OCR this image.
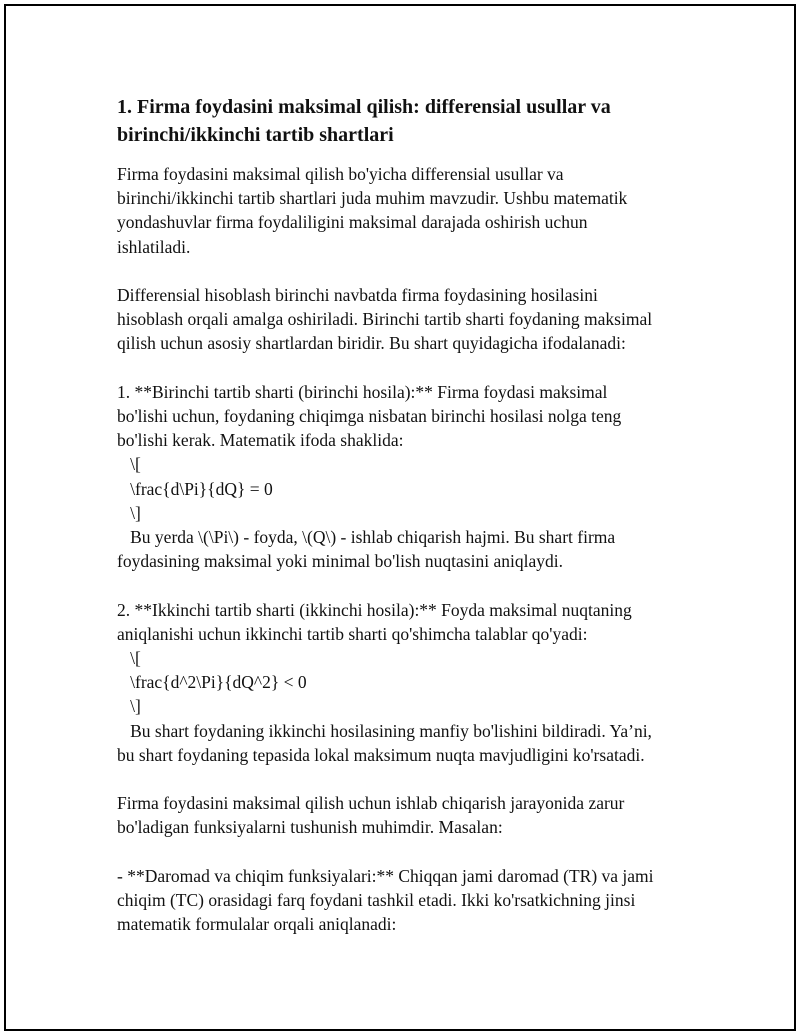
1. Firma foydasini maksimal qilish: differensial usullar va
birinchi/ikkinchi tartib shartlari
Firma foydasini maksimal qilish bo'yicha differensial usullar va
birinchi/ikkinchi tartib shartlari juda muhim mavzudir. Ushbu matematik
yondashuvlar firma foydaliligini maksimal darajada oshirish uchun
ishlatiladi.
Differensial hisoblash birinchi navbatda firma foydasining hosilasini
hisoblash orqali amalga oshiriladi. Birinchi tartib sharti foydaning maksimal
qilish uchun asosiy shartlardan biridir. Bu shart quyidagicha ifodalanadi:
1. **Birinchi tartib sharti (birinchi hosila):** Firma foydasi maksimal
bo'lishi uchun, foydaning chiqimga nisbatan birinchi hosilasi nolga teng
bo'lishi kerak. Matematik ifoda shaklida:
\[
\frac{d\Pi}{dQ} = 0
\]
Bu yerda \(\Pi\) - foyda, \(Q\) - ishlab chiqarish hajmi. Bu shart firma
foydasining maksimal yoki minimal bo'lish nuqtasini aniqlaydi.
2. **Ikkinchi tartib sharti (ikkinchi hosila):** Foyda maksimal nuqtaning
aniqlanishi uchun ikkinchi tartib sharti qo'shimcha talablar qo'yadi:
\[
\frac{d^2\Pi}{dQ^2} < 0
\]
Bu shart foydaning ikkinchi hosilasining manfiy bo'lishini bildiradi. Ya’ni,
bu shart foydaning tepasida lokal maksimum nuqta mavjudligini ko'rsatadi.
Firma foydasini maksimal qilish uchun ishlab chiqarish jarayonida zarur
bo'ladigan funksiyalarni tushunish muhimdir. Masalan:
- **Daromad va chiqim funksiyalari:** Chiqqan jami daromad (TR) va jami
chiqim (TC) orasidagi farq foydani tashkil etadi. Ikki ko'rsatkichning jinsi
matematik formulalar orqali aniqlanadi:
